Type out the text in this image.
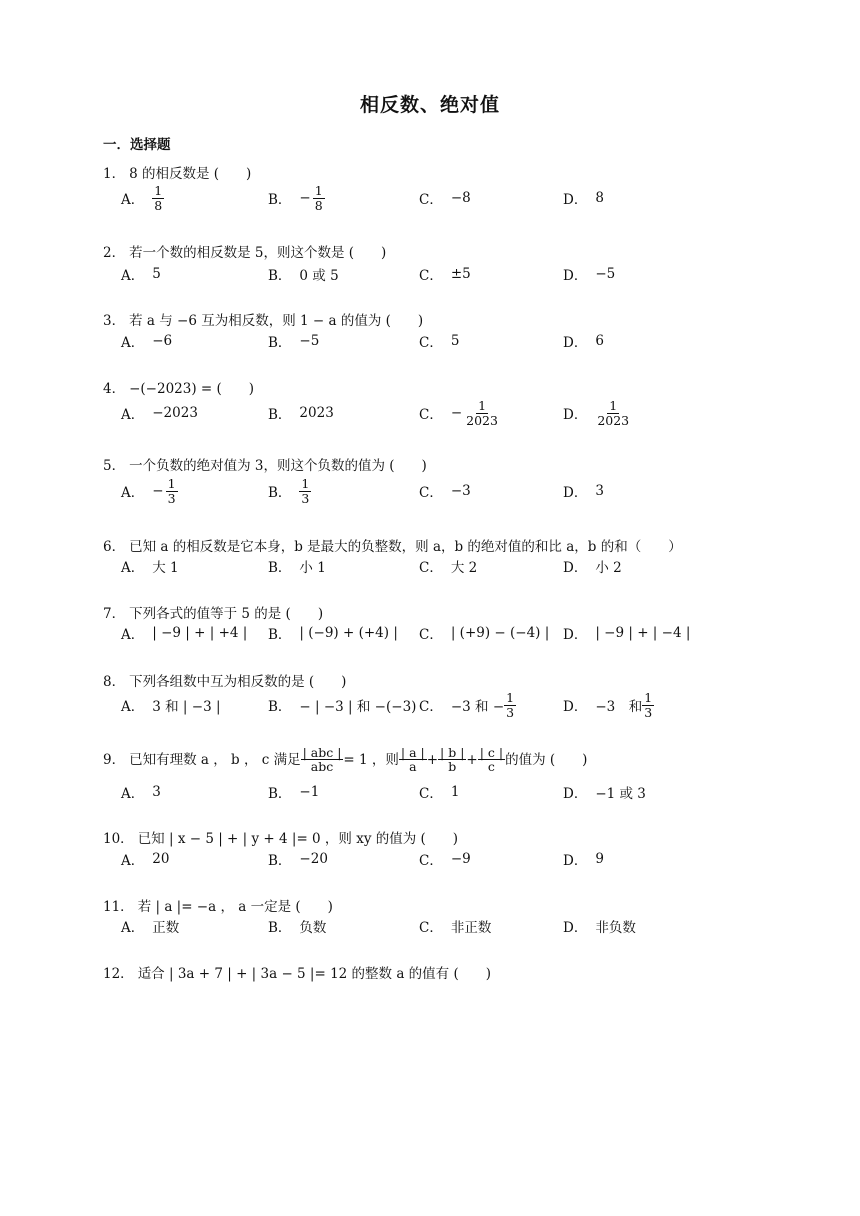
相反数、绝对值
一．选择题
1． 8 的相反数是 (　　)
A． $\frac{1}{8}$	B． − $\frac{1}{8}$	C． −8	D． 8
2． 若一个数的相反数是 5，则这个数是 (　　)
A． 5	B． 0 或 5	C． ±5	D． −5
3． 若 a 与 −6 互为相反数，则 1 − a 的值为 (　　)
A． −6	B． −5	C． 5	D． 6
4． −(−2023) = (　　)
A． −2023	B． 2023	C． − $\frac{1}{2023}$	D． $\frac{1}{2023}$
5． 一个负数的绝对值为 3，则这个负数的值为 (　　)
A． − $\frac{1}{3}$	B． $\frac{1}{3}$	C． −3	D． 3
6． 已知 a 的相反数是它本身，b 是最大的负整数，则 a，b 的绝对值的和比 a，b 的和（　　）
A． 大 1	B． 小 1	C． 大 2	D． 小 2
7． 下列各式的值等于 5 的是 (　　)
A． | −9 | + | +4 | B． | (−9) + (+4) | C． | (+9) − (−4) | D． | −9 | + | −4 |
8． 下列各组数中互为相反数的是 (　　)
A． 3 和 | −3 |	B． − | −3 | 和 −(−3) C． −3 和 − $\frac{1}{3}$	D． −3　和 $\frac{1}{3}$
9． 已知有理数 a ， b ， c 满足 $\frac{\text{| abc |}}{\text{abc}} = 1$ ，则 $\frac{| a |}{a} + \frac{| b |}{b} + \frac{| c |}{c}$ 的值为 (　　)
A． 3	B． −1	C． 1	D． −1 或 3
10． 已知 | x − 5 | + | y + 4 |= 0 ，则 xy 的值为 (　　)
A． 20	B． −20	C． −9	D． 9
11． 若 | a |= −a ， a 一定是 (　　)
A． 正数	B． 负数	C． 非正数	D． 非负数
12． 适合 | 3a + 7 | + | 3a − 5 |= 12 的整数 a 的值有 (　　)
